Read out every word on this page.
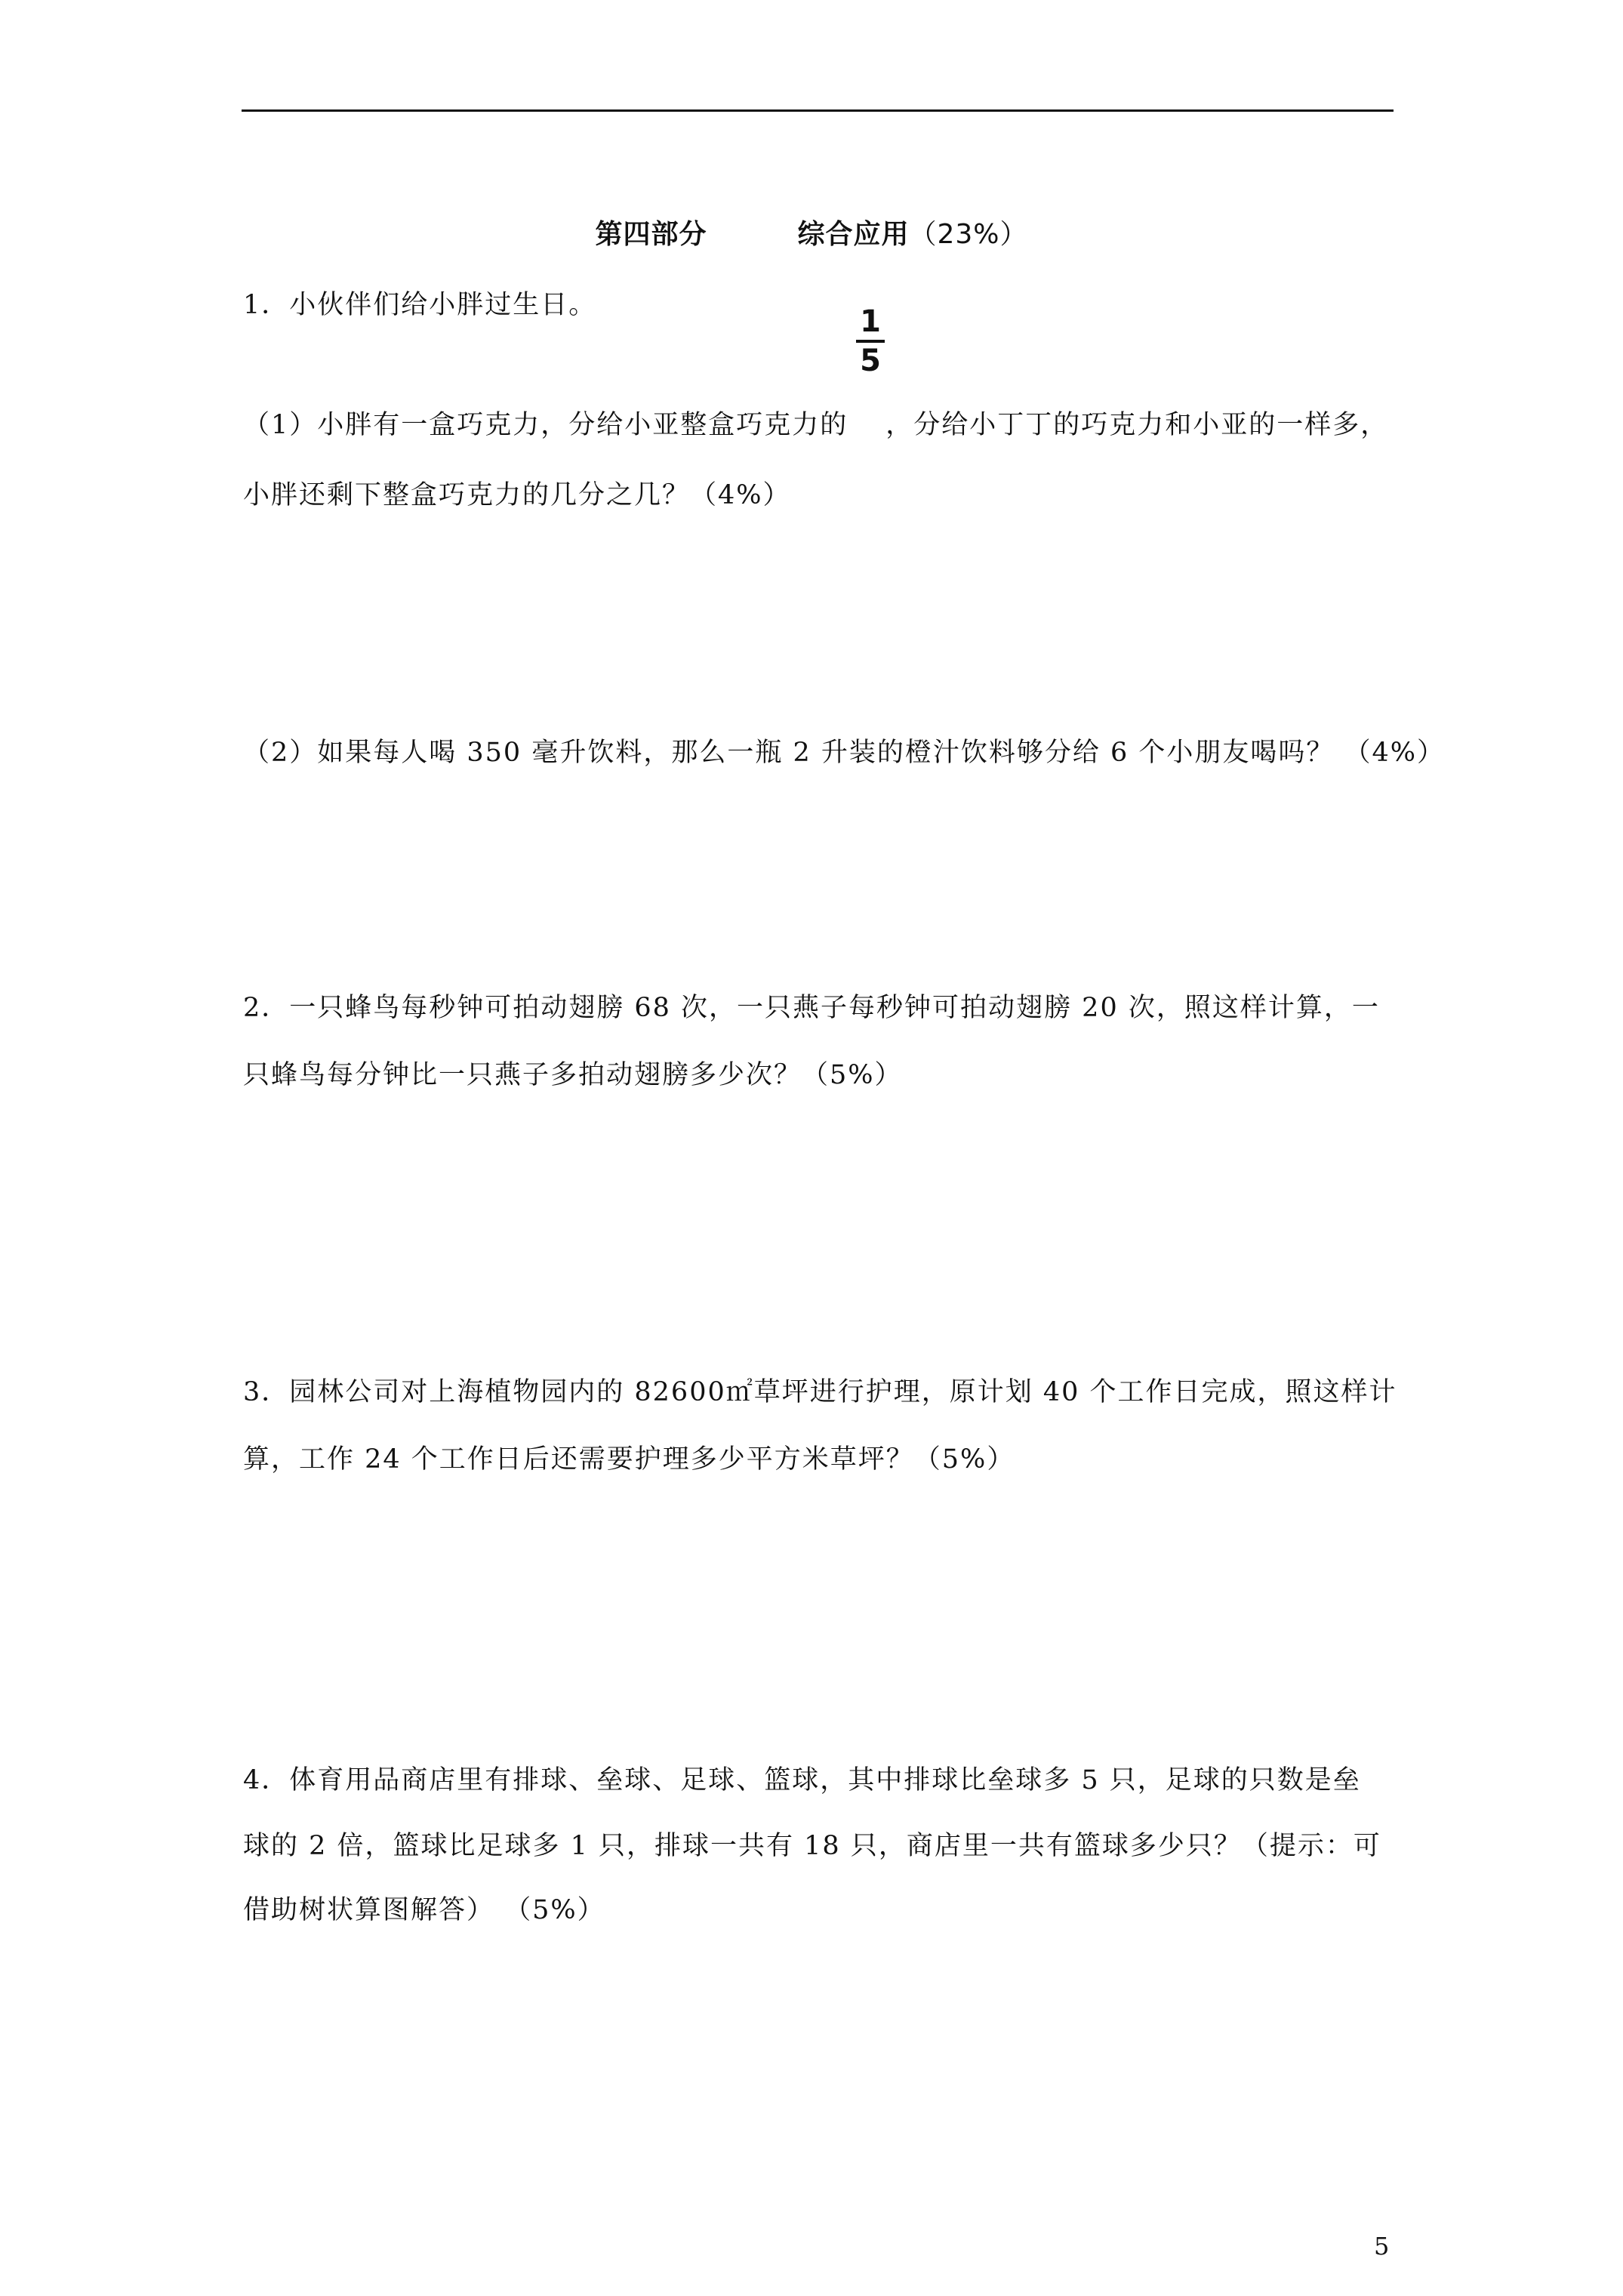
第四部分	综合应用（23%）
1．小伙伴们给小胖过生日。
（1）小胖有一盒巧克力，分给小亚整盒巧克力的 ，分给小丁丁的巧克力和小亚的一样多，
$\frac{1}{5}$
小胖还剩下整盒巧克力的几分之几？（4%）
（2）如果每人喝 350 毫升饮料，那么一瓶 2 升装的橙汁饮料够分给 6 个小朋友喝吗？ （4%）
2．一只蜂鸟每秒钟可拍动翅膀 68 次，一只燕子每秒钟可拍动翅膀 20 次，照这样计算，一
只蜂鸟每分钟比一只燕子多拍动翅膀多少次？（5%）
3．园林公司对上海植物园内的 82600㎡草坪进行护理，原计划 40 个工作日完成，照这样计
算，工作 24 个工作日后还需要护理多少平方米草坪？（5%）
4．体育用品商店里有排球、垒球、足球、篮球，其中排球比垒球多 5 只，足球的只数是垒
球的 2 倍，篮球比足球多 1 只，排球一共有 18 只，商店里一共有篮球多少只？（提示：可
借助树状算图解答） （5%）
5
